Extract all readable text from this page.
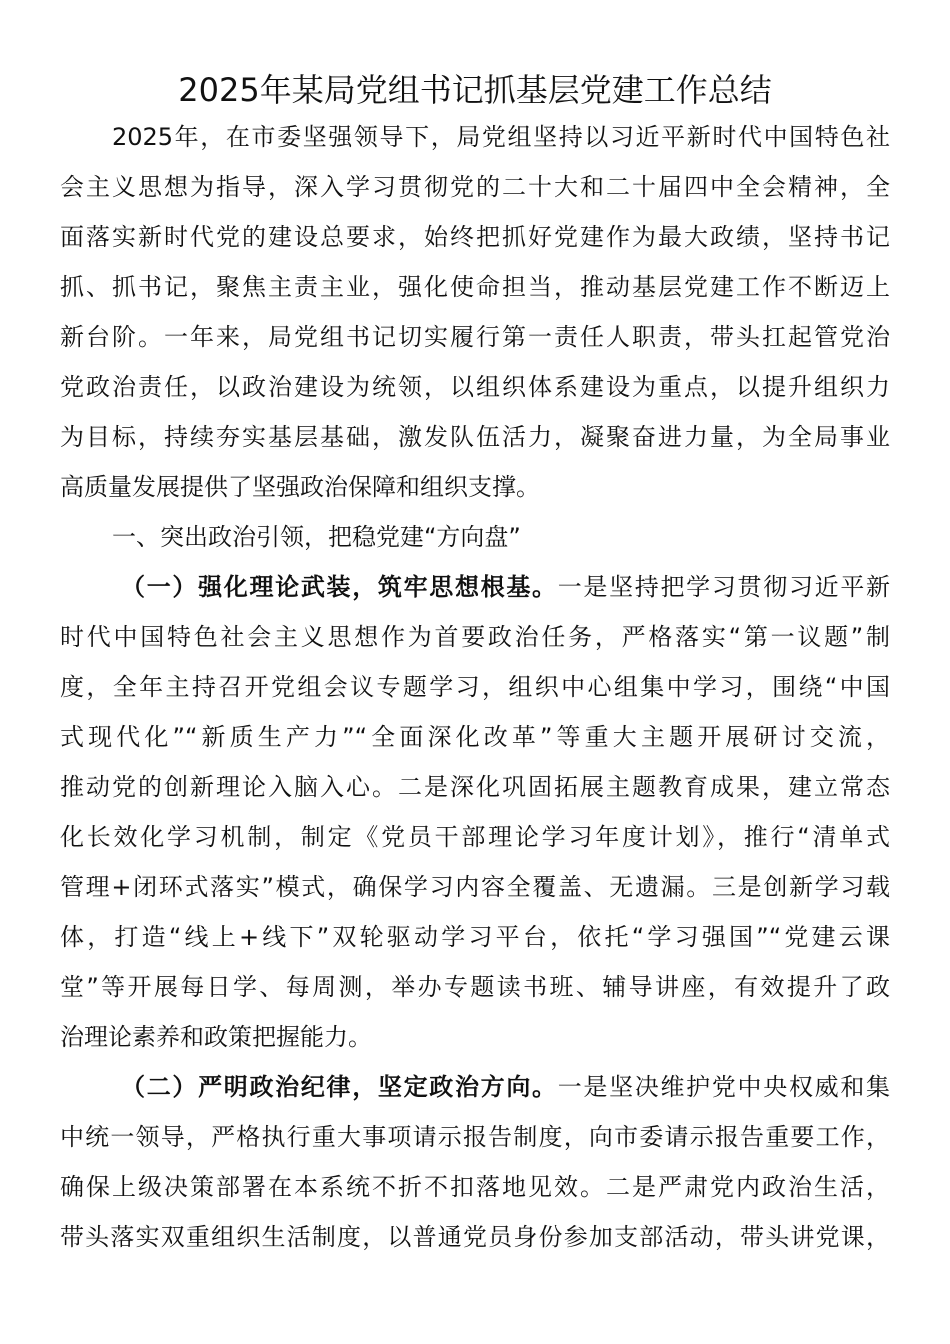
2025年某局党组书记抓基层党建工作总结
2025年，在市委坚强领导下，局党组坚持以习近平新时代中国特色社
会主义思想为指导，深入学习贯彻党的二十大和二十届四中全会精神，全
面落实新时代党的建设总要求，始终把抓好党建作为最大政绩，坚持书记
抓、抓书记，聚焦主责主业，强化使命担当，推动基层党建工作不断迈上
新台阶。一年来，局党组书记切实履行第一责任人职责，带头扛起管党治
党政治责任，以政治建设为统领，以组织体系建设为重点，以提升组织力
为目标，持续夯实基层基础，激发队伍活力，凝聚奋进力量，为全局事业
高质量发展提供了坚强政治保障和组织支撑。
一、突出政治引领，把稳党建“方向盘”
（一）强化理论武装，筑牢思想根基。一是坚持把学习贯彻习近平新
时代中国特色社会主义思想作为首要政治任务，严格落实“第一议题”制
度，全年主持召开党组会议专题学习，组织中心组集中学习，围绕“中国
式现代化”“新质生产力”“全面深化改革”等重大主题开展研讨交流，
推动党的创新理论入脑入心。二是深化巩固拓展主题教育成果，建立常态
化长效化学习机制，制定《党员干部理论学习年度计划》，推行“清单式
管理+闭环式落实”模式，确保学习内容全覆盖、无遗漏。三是创新学习载
体，打造“线上+线下”双轮驱动学习平台，依托“学习强国”“党建云课
堂”等开展每日学、每周测，举办专题读书班、辅导讲座，有效提升了政
治理论素养和政策把握能力。
（二）严明政治纪律，坚定政治方向。一是坚决维护党中央权威和集
中统一领导，严格执行重大事项请示报告制度，向市委请示报告重要工作，
确保上级决策部署在本系统不折不扣落地见效。二是严肃党内政治生活，
带头落实双重组织生活制度，以普通党员身份参加支部活动，带头讲党课，
